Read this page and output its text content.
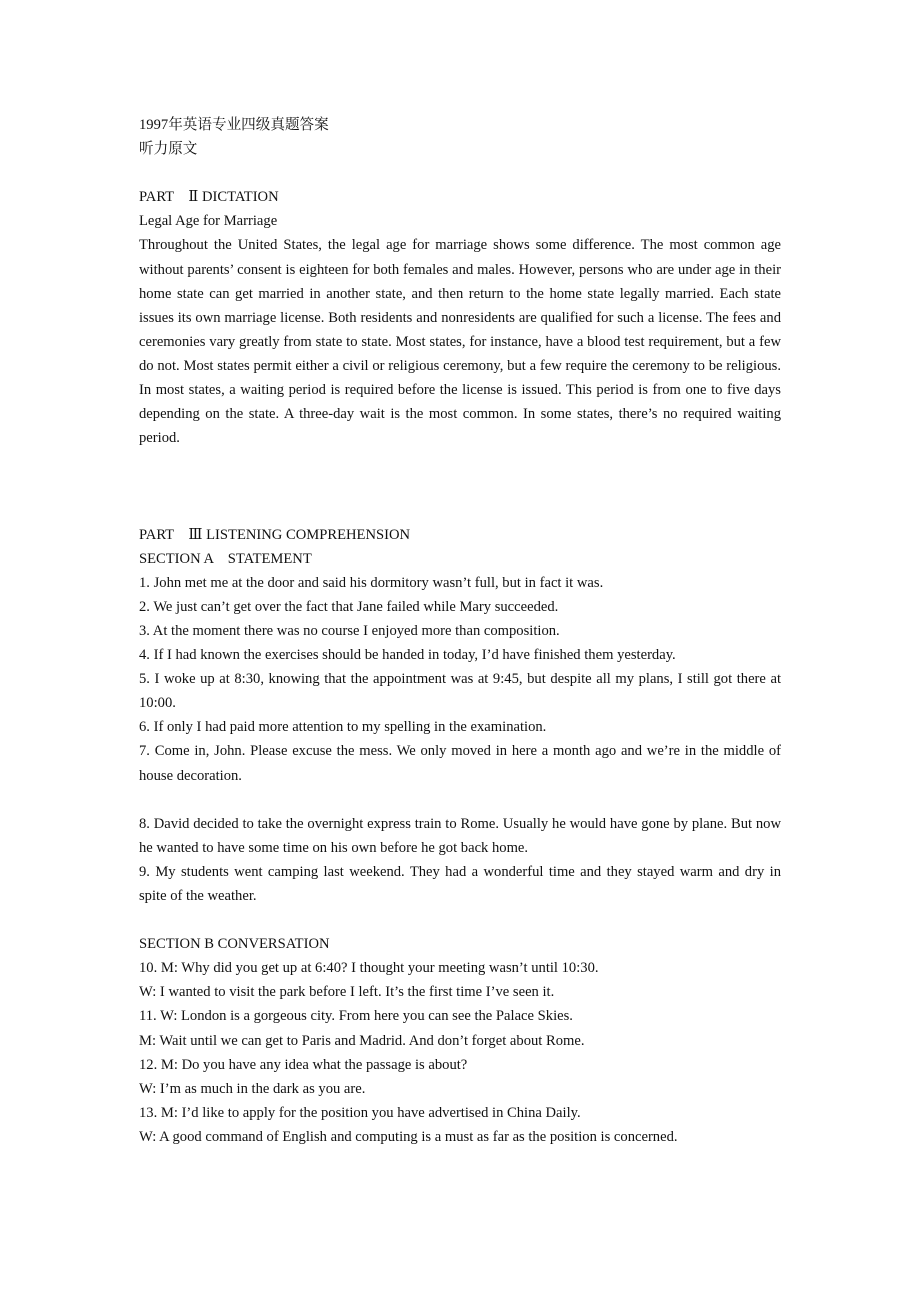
1997年英语专业四级真题答案
听力原文
PART　Ⅱ DICTATION
Legal Age for Marriage

Throughout the United States, the legal age for marriage shows some difference. The most common age without parents’ consent is eighteen for both females and males. However, persons who are under age in their home state can get married in another state, and then return to the home state legally married. Each state issues its own marriage license. Both residents and nonresidents are qualified for such a license. The fees and ceremonies vary greatly from state to state. Most states, for instance, have a blood test requirement, but a few do not. Most states permit either a civil or religious ceremony, but a few require the ceremony to be religious. In most states, a waiting period is required before the license is issued. This period is from one to five days depending on the state. A three-day wait is the most common. In some states, there’s no required waiting period.

PART　Ⅲ LISTENING COMPREHENSION
SECTION A　STATEMENT

1. John met me at the door and said his dormitory wasn’t full, but in fact it was.

2. We just can’t get over the fact that Jane failed while Mary succeeded.

3. At the moment there was no course I enjoyed more than composition.

4. If I had known the exercises should be handed in today, I’d have finished them yesterday.

5. I woke up at 8:30, knowing that the appointment was at 9:45, but despite all my plans, I still got there at 10:00.

6. If only I had paid more attention to my spelling in the examination.

7. Come in, John. Please excuse the mess. We only moved in here a month ago and we’re in the middle of house decoration.

8. David decided to take the overnight express train to Rome. Usually he would have gone by plane. But now he wanted to have some time on his own before he got back home.

9. My students went camping last weekend. They had a wonderful time and they stayed warm and dry in spite of the weather.

SECTION B CONVERSATION

10. M: Why did you get up at 6:40? I thought your meeting wasn’t until 10:30.

W: I wanted to visit the park before I left. It’s the first time I’ve seen it.

11. W: London is a gorgeous city. From here you can see the Palace Skies.

M: Wait until we can get to Paris and Madrid. And don’t forget about Rome.

12. M: Do you have any idea what the passage is about?

W: I’m as much in the dark as you are.

13. M: I’d like to apply for the position you have advertised in China Daily.

W: A good command of English and computing is a must as far as the position is concerned.
